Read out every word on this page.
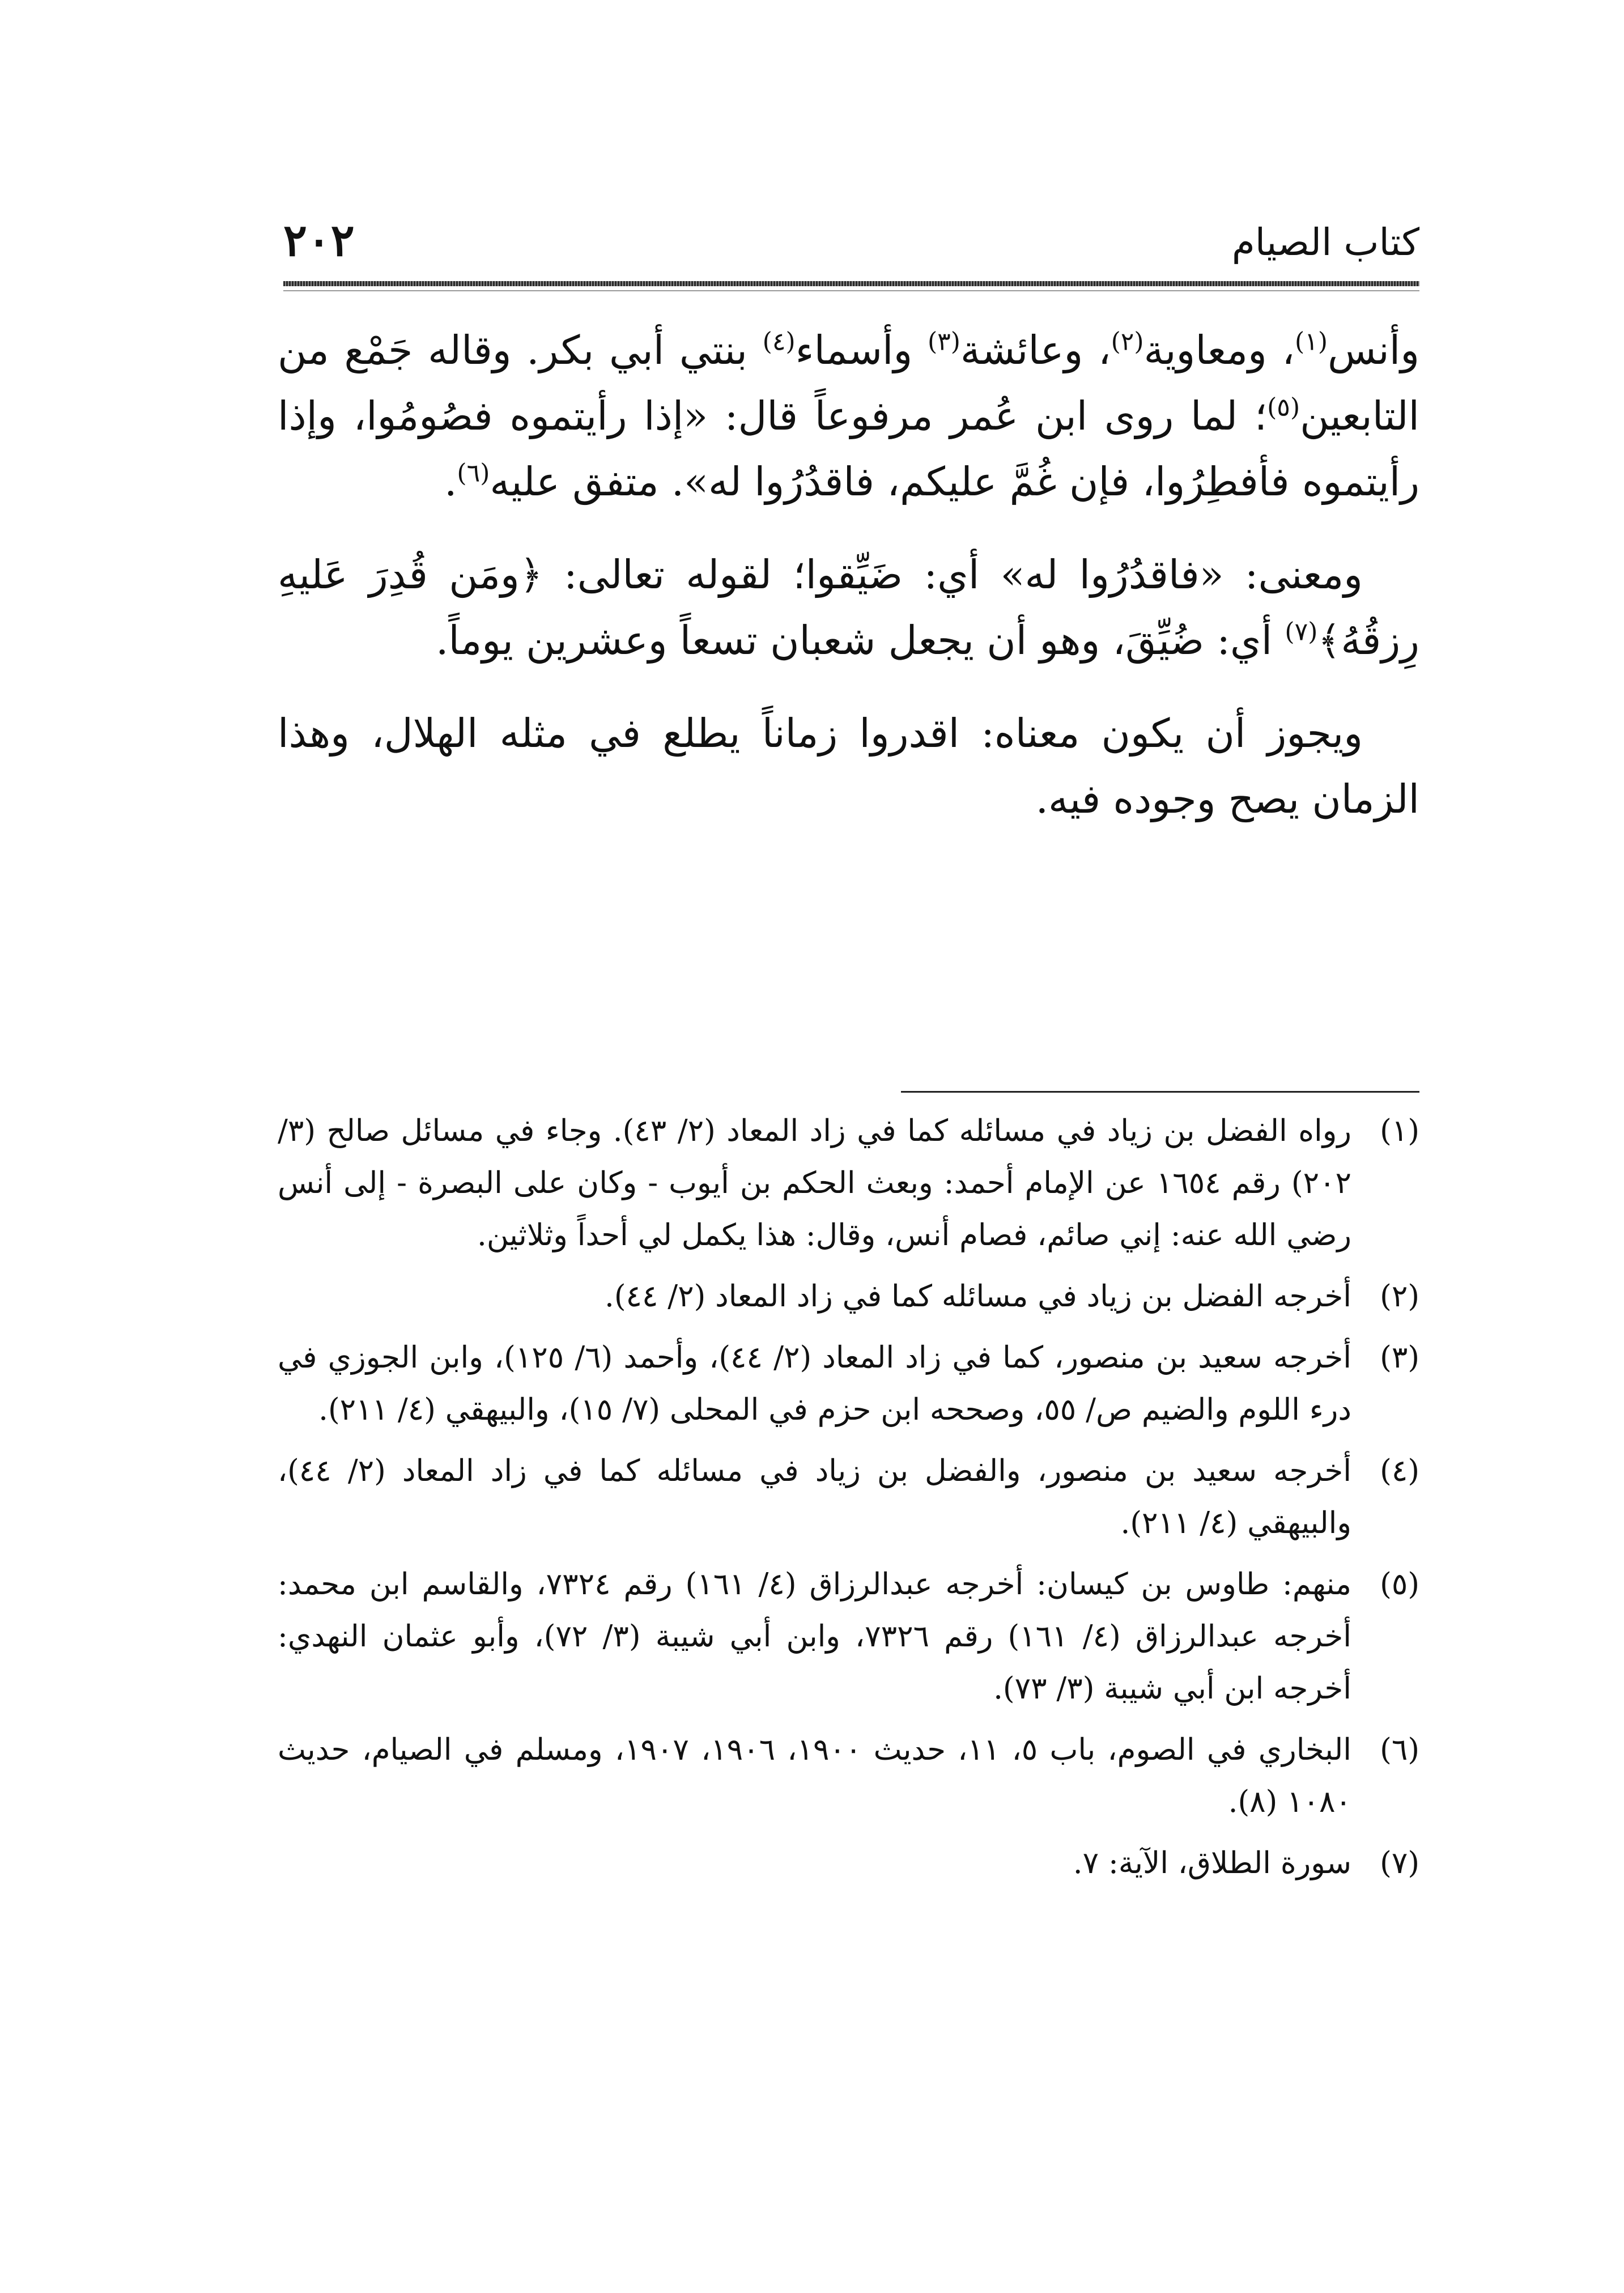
كتاب الصيام
٢٠٢

وأنس$^{(١)}$، ومعاوية$^{(٢)}$، وعائشة$^{(٣)}$ وأسماء$^{(٤)}$ بنتي أبي بكر. وقاله جَمْع من التابعين$^{(٥)}$؛ لما روى ابن عُمر مرفوعاً قال: «إذا رأيتموه فصُومُوا، وإذا رأيتموه فأفطِرُوا، فإن غُمَّ عليكم، فاقدُرُوا له». متفق عليه$^{(٦)}$.

ومعنى: «فاقدُرُوا له» أي: ضَيِّقوا؛ لقوله تعالى: ﴿ومَن قُدِرَ عَليهِ رِزقُهُ﴾$^{(٧)}$ أي: ضُيِّقَ، وهو أن يجعل شعبان تسعاً وعشرين يوماً.

ويجوز أن يكون معناه: اقدروا زماناً يطلع في مثله الهلال، وهذا الزمان يصح وجوده فيه.

(١)
رواه الفضل بن زياد في مسائله كما في زاد المعاد (٢/ ٤٣). وجاء في مسائل صالح (٣/ ٢٠٢) رقم ١٦٥٤ عن الإمام أحمد: وبعث الحكم بن أيوب - وكان على البصرة - إلى أنس رضي الله عنه: إني صائم، فصام أنس، وقال: هذا يكمل لي أحداً وثلاثين.
(٢)
أخرجه الفضل بن زياد في مسائله كما في زاد المعاد (٢/ ٤٤).
(٣)
أخرجه سعيد بن منصور، كما في زاد المعاد (٢/ ٤٤)، وأحمد (٦/ ١٢٥)، وابن الجوزي في درء اللوم والضيم ص/ ٥٥، وصححه ابن حزم في المحلى (٧/ ١٥)، والبيهقي (٤/ ٢١١).
(٤)
أخرجه سعيد بن منصور، والفضل بن زياد في مسائله كما في زاد المعاد (٢/ ٤٤)، والبيهقي (٤/ ٢١١).
(٥)
منهم: طاوس بن كيسان: أخرجه عبدالرزاق (٤/ ١٦١) رقم ٧٣٢٤، والقاسم ابن محمد: أخرجه عبدالرزاق (٤/ ١٦١) رقم ٧٣٢٦، وابن أبي شيبة (٣/ ٧٢)، وأبو عثمان النهدي: أخرجه ابن أبي شيبة (٣/ ٧٣).
(٦)
البخاري في الصوم، باب ٥، ١١، حديث ١٩٠٠، ١٩٠٦، ١٩٠٧، ومسلم في الصيام، حديث ١٠٨٠ (٨).
(٧)
سورة الطلاق، الآية: ٧.
